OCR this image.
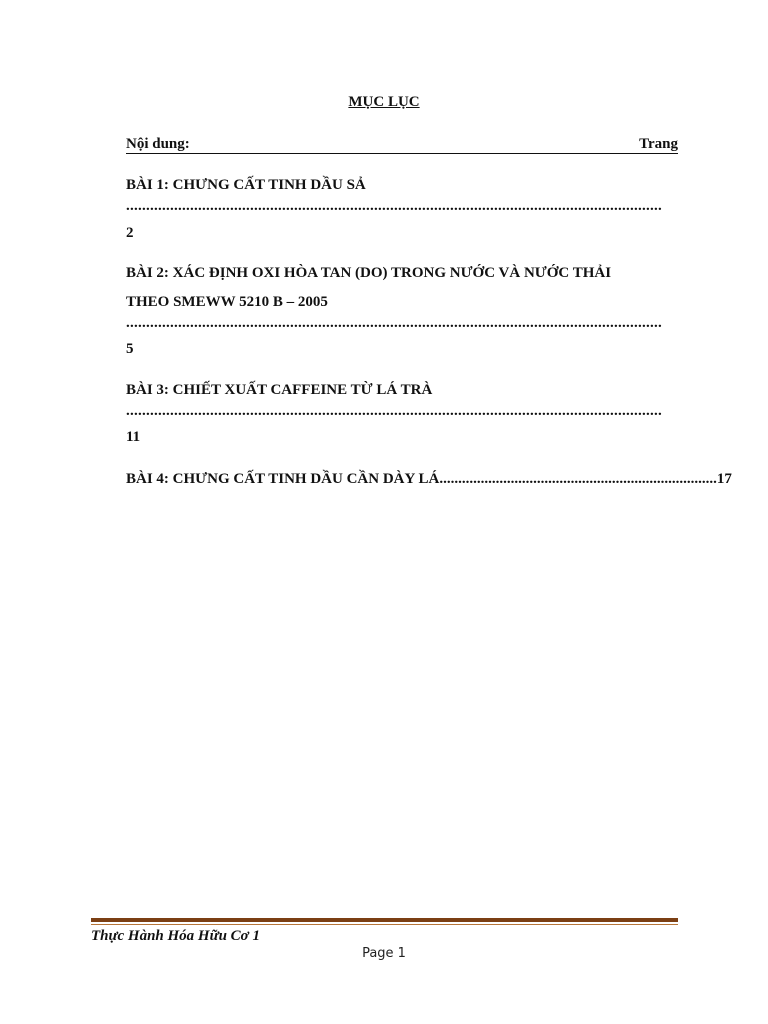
MỤC LỤC
Nội dung:	Trang
BÀI 1: CHƯNG CẤT TINH DẦU SẢ
......................................................................................................................................
2
BÀI 2: XÁC ĐỊNH OXI HÒA TAN (DO) TRONG NƯỚC VÀ NƯỚC THẢI
THEO SMEWW 5210 B – 2005
......................................................................................................................................
5
BÀI 3: CHIẾT XUẤT CAFFEINE TỪ LÁ TRÀ
......................................................................................................................................
11
BÀI 4: CHƯNG CẤT TINH DẦU CẦN DÀY LÁ .......................................................................... 17
Thực Hành Hóa Hữu Cơ 1
Page 1
